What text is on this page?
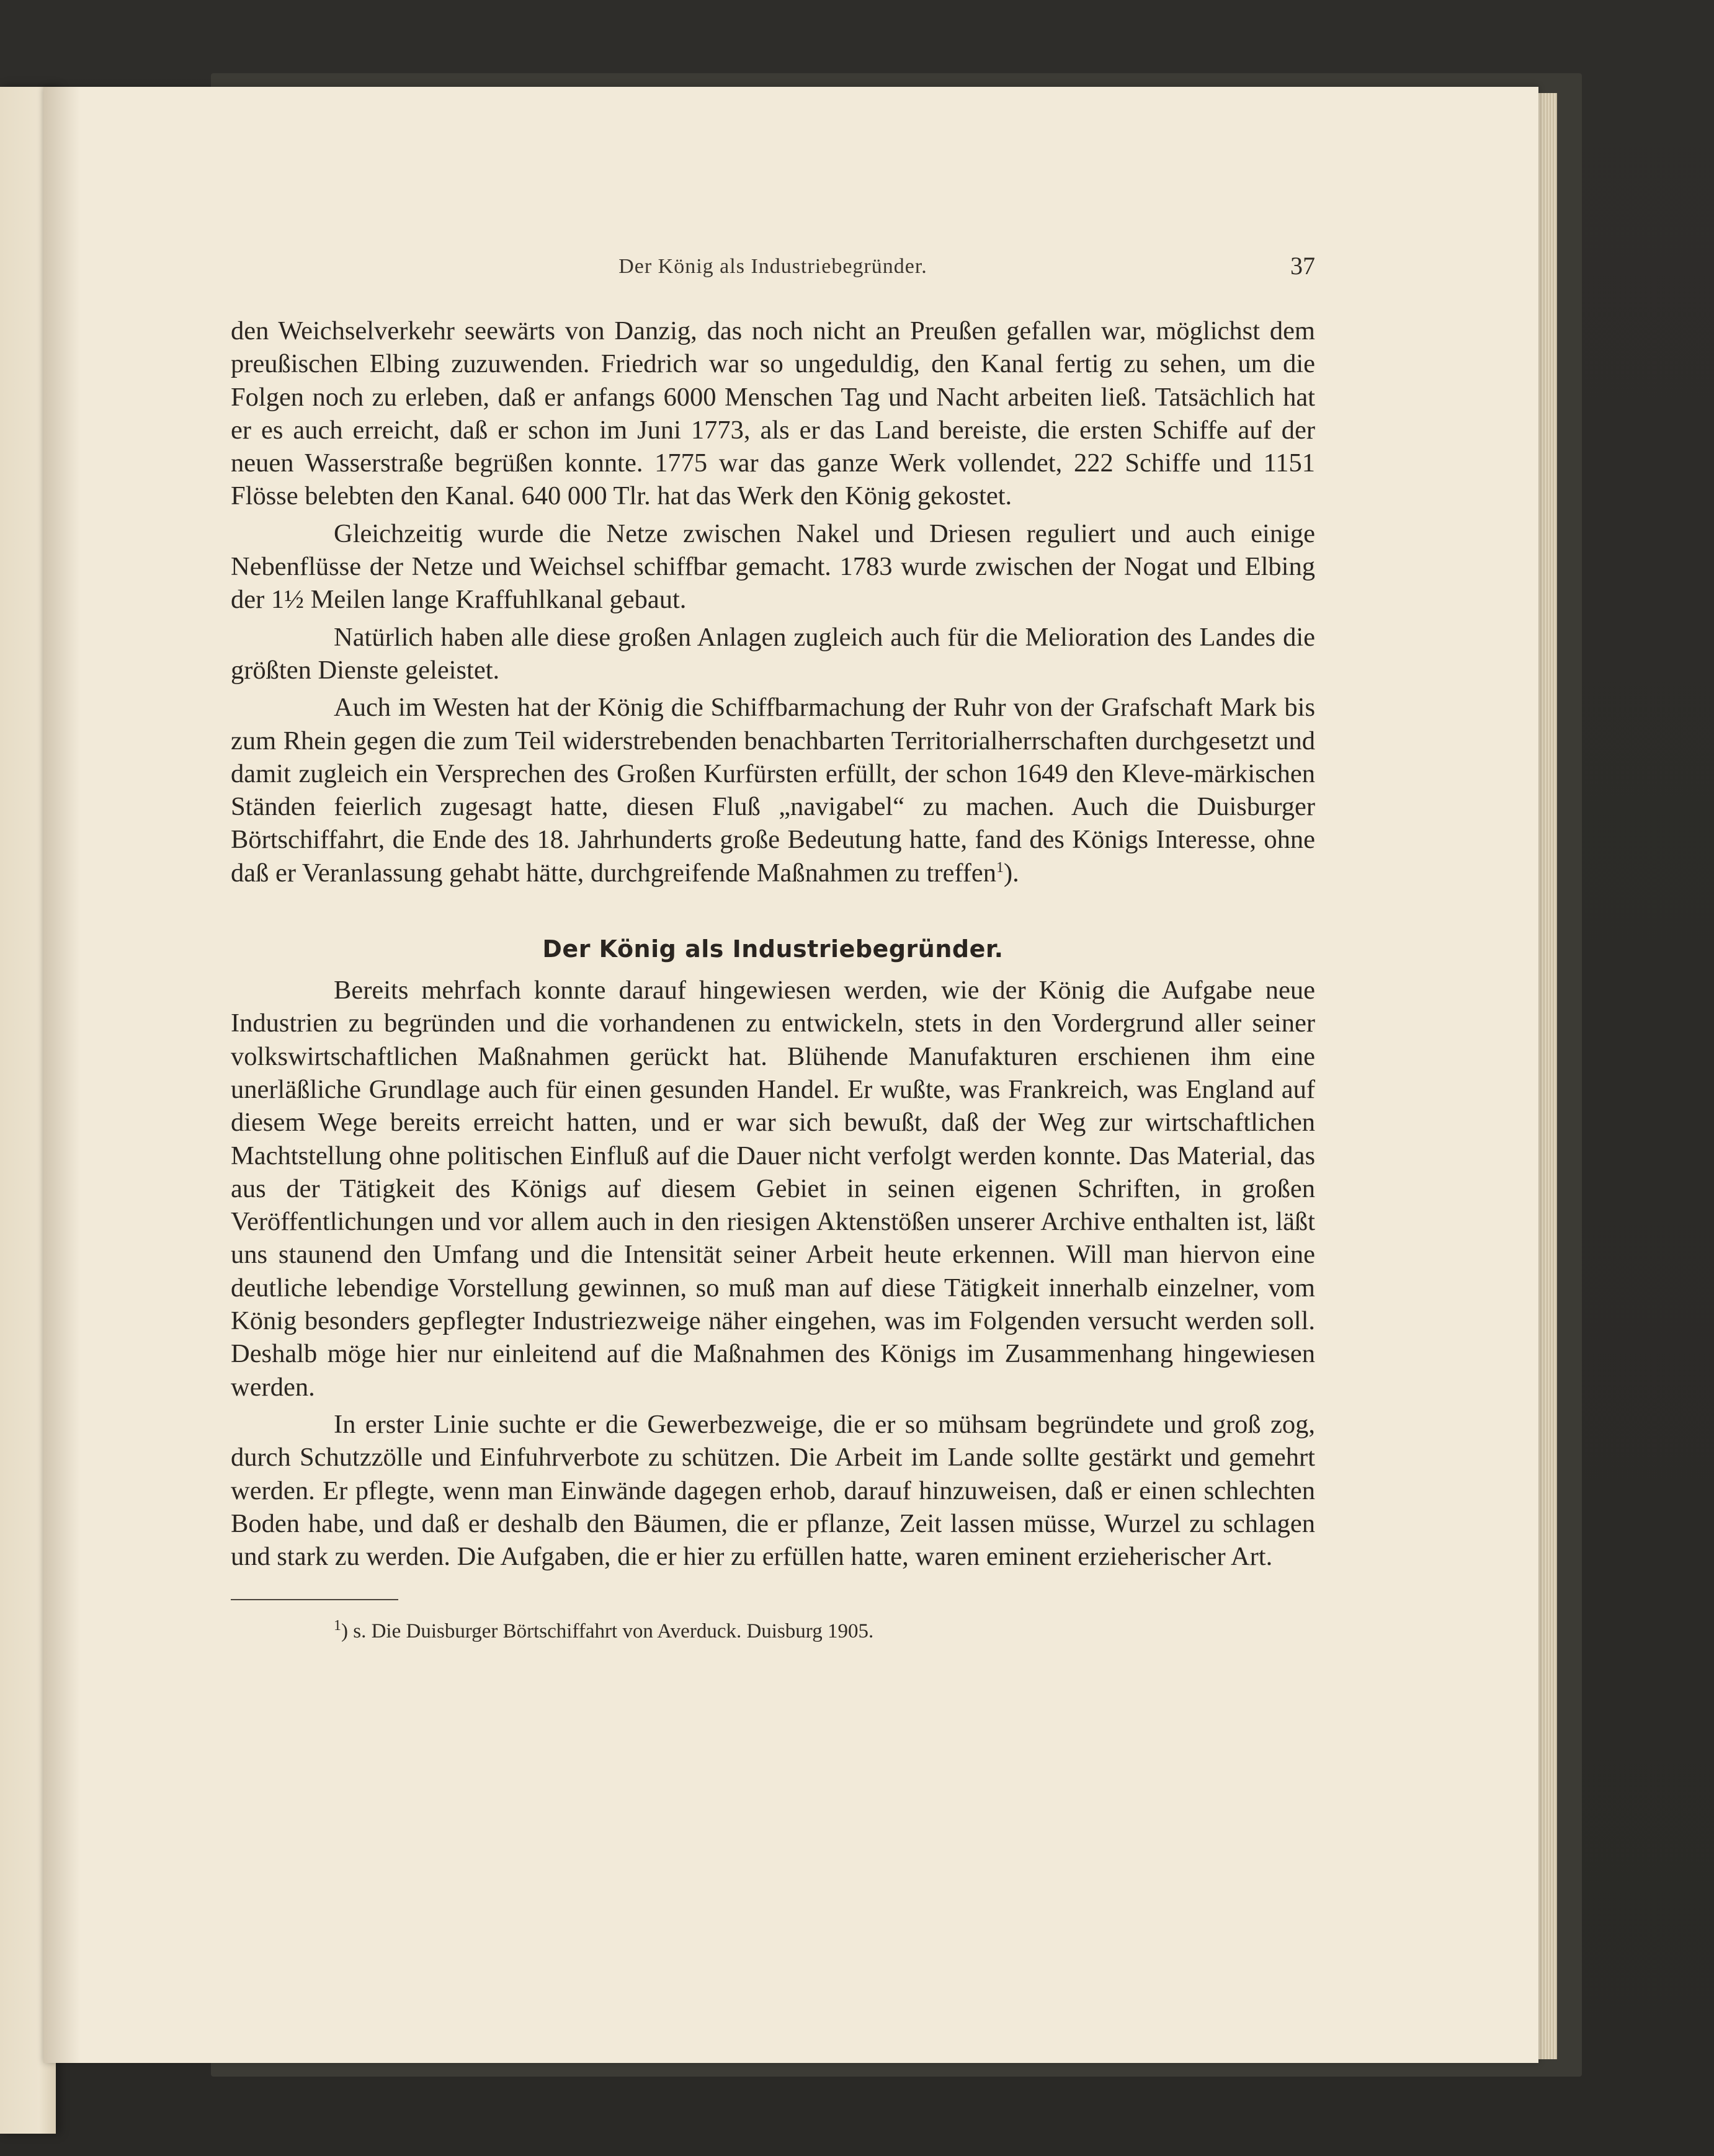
Der König als Industriebegründer.	37

den Weichselverkehr seewärts von Danzig, das noch nicht an Preußen gefallen war, möglichst dem preußischen Elbing zuzuwenden. Friedrich war so ungeduldig, den Kanal fertig zu sehen, um die Folgen noch zu erleben, daß er anfangs 6000 Menschen Tag und Nacht arbeiten ließ. Tatsächlich hat er es auch erreicht, daß er schon im Juni 1773, als er das Land bereiste, die ersten Schiffe auf der neuen Wasserstraße begrüßen konnte. 1775 war das ganze Werk vollendet, 222 Schiffe und 1151 Flösse belebten den Kanal. 640 000 Tlr. hat das Werk den König gekostet.

Gleichzeitig wurde die Netze zwischen Nakel und Driesen reguliert und auch einige Nebenflüsse der Netze und Weichsel schiffbar gemacht. 1783 wurde zwischen der Nogat und Elbing der 1½ Meilen lange Kraffuhlkanal gebaut.

Natürlich haben alle diese großen Anlagen zugleich auch für die Melioration des Landes die größten Dienste geleistet.

Auch im Westen hat der König die Schiffbarmachung der Ruhr von der Grafschaft Mark bis zum Rhein gegen die zum Teil widerstrebenden benachbarten Territorialherrschaften durchgesetzt und damit zugleich ein Versprechen des Großen Kurfürsten erfüllt, der schon 1649 den Kleve-märkischen Ständen feierlich zugesagt hatte, diesen Fluß „navigabel“ zu machen. Auch die Duisburger Börtschiffahrt, die Ende des 18. Jahrhunderts große Bedeutung hatte, fand des Königs Interesse, ohne daß er Veranlassung gehabt hätte, durchgreifende Maßnahmen zu treffen$^1$).

Der König als Industriebegründer.

Bereits mehrfach konnte darauf hingewiesen werden, wie der König die Aufgabe neue Industrien zu begründen und die vorhandenen zu entwickeln, stets in den Vordergrund aller seiner volkswirtschaftlichen Maßnahmen gerückt hat. Blühende Manufakturen erschienen ihm eine unerläßliche Grundlage auch für einen gesunden Handel. Er wußte, was Frankreich, was England auf diesem Wege bereits erreicht hatten, und er war sich bewußt, daß der Weg zur wirtschaftlichen Machtstellung ohne politischen Einfluß auf die Dauer nicht verfolgt werden konnte. Das Material, das aus der Tätigkeit des Königs auf diesem Gebiet in seinen eigenen Schriften, in großen Veröffentlichungen und vor allem auch in den riesigen Aktenstößen unserer Archive enthalten ist, läßt uns staunend den Umfang und die Intensität seiner Arbeit heute erkennen. Will man hiervon eine deutliche lebendige Vorstellung gewinnen, so muß man auf diese Tätigkeit innerhalb einzelner, vom König besonders gepflegter Industriezweige näher eingehen, was im Folgenden versucht werden soll. Deshalb möge hier nur einleitend auf die Maßnahmen des Königs im Zusammenhang hingewiesen werden.

In erster Linie suchte er die Gewerbezweige, die er so mühsam begründete und groß zog, durch Schutzzölle und Einfuhrverbote zu schützen. Die Arbeit im Lande sollte gestärkt und gemehrt werden. Er pflegte, wenn man Einwände dagegen erhob, darauf hinzuweisen, daß er einen schlechten Boden habe, und daß er deshalb den Bäumen, die er pflanze, Zeit lassen müsse, Wurzel zu schlagen und stark zu werden. Die Aufgaben, die er hier zu erfüllen hatte, waren eminent erzieherischer Art.

$^1$) s. Die Duisburger Börtschiffahrt von Averduck. Duisburg 1905.
